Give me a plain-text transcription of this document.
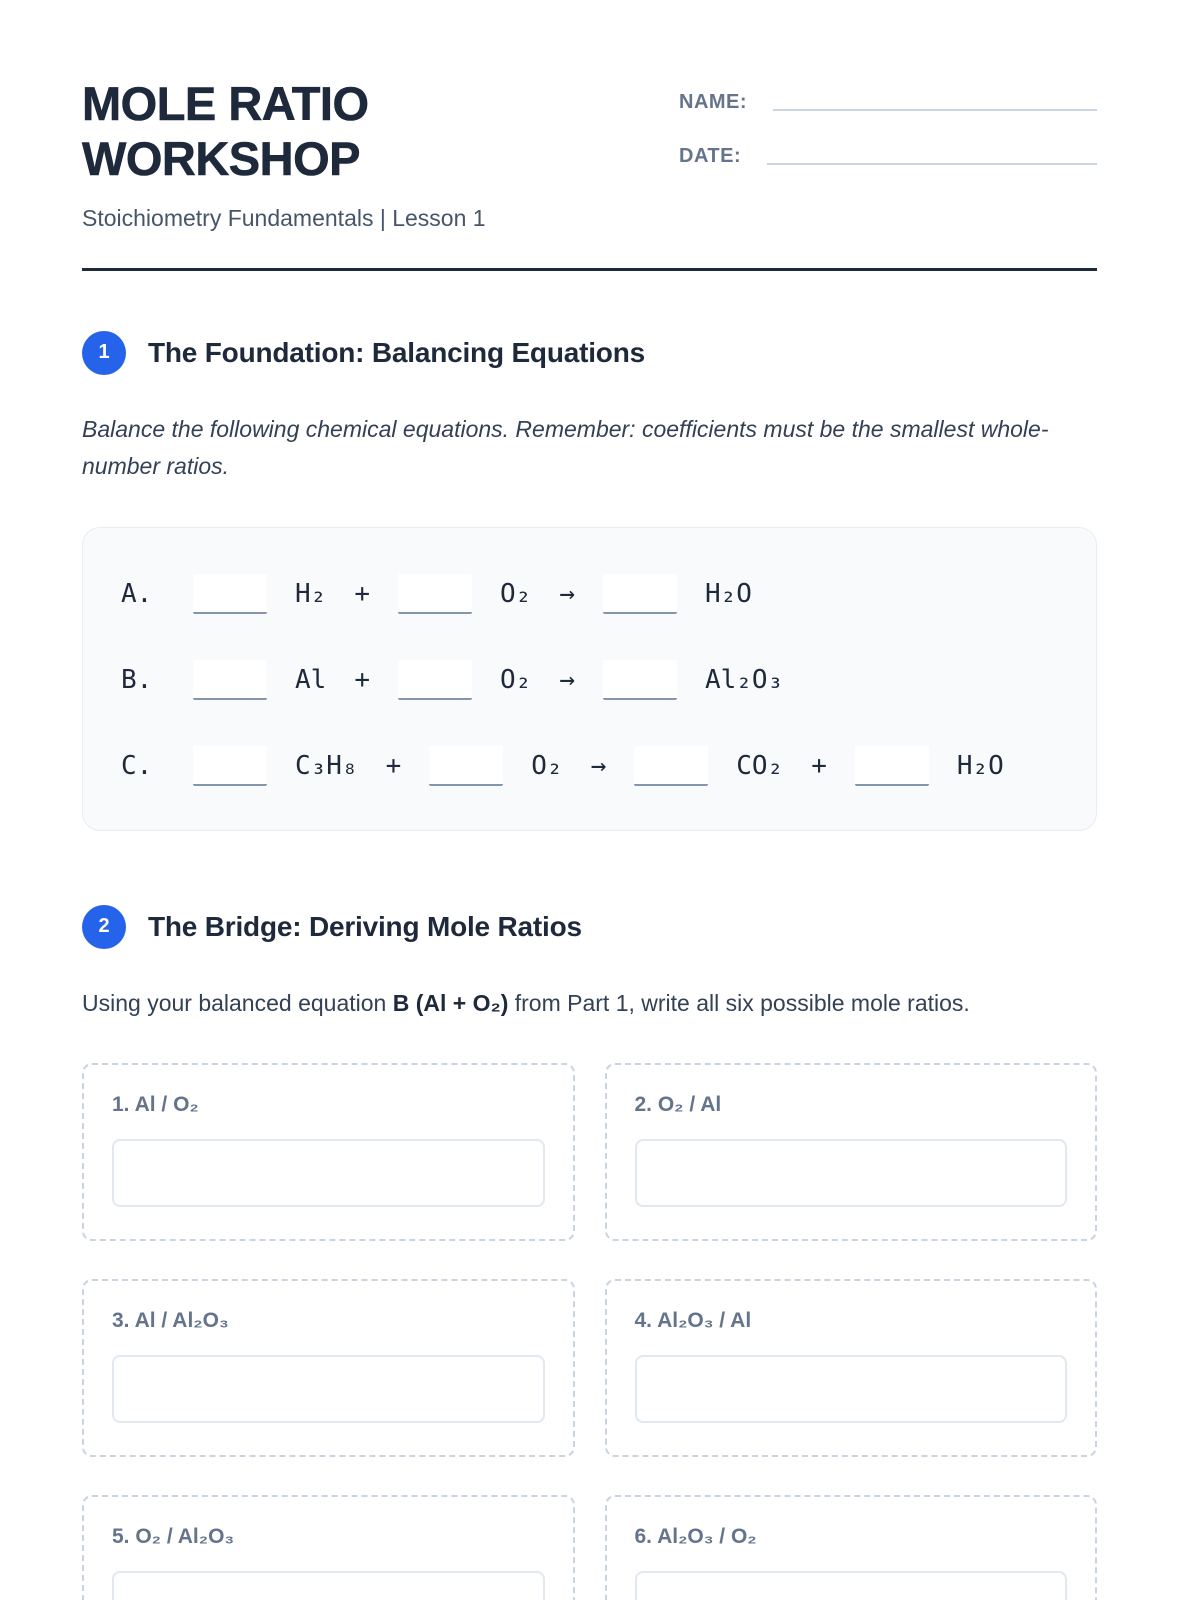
MOLE RATIO
WORKSHOP
Stoichiometry Fundamentals | Lesson 1
NAME:
DATE:
1	The Foundation: Balancing Equations

Balance the following chemical equations. Remember: coefficients must be the smallest whole-number ratios.

A.	H₂ +	O₂ →	H₂O
B.	Al +	O₂ →	Al₂O₃
C.	C₃H₈ +	O₂ →	CO₂ +	H₂O
2	The Bridge: Deriving Mole Ratios

Using your balanced equation B (Al + O₂) from Part 1, write all six possible mole ratios.

1. Al / O₂	2. O₂ / Al
3. Al / Al₂O₃	4. Al₂O₃ / Al
5. O₂ / Al₂O₃	6. Al₂O₃ / O₂
